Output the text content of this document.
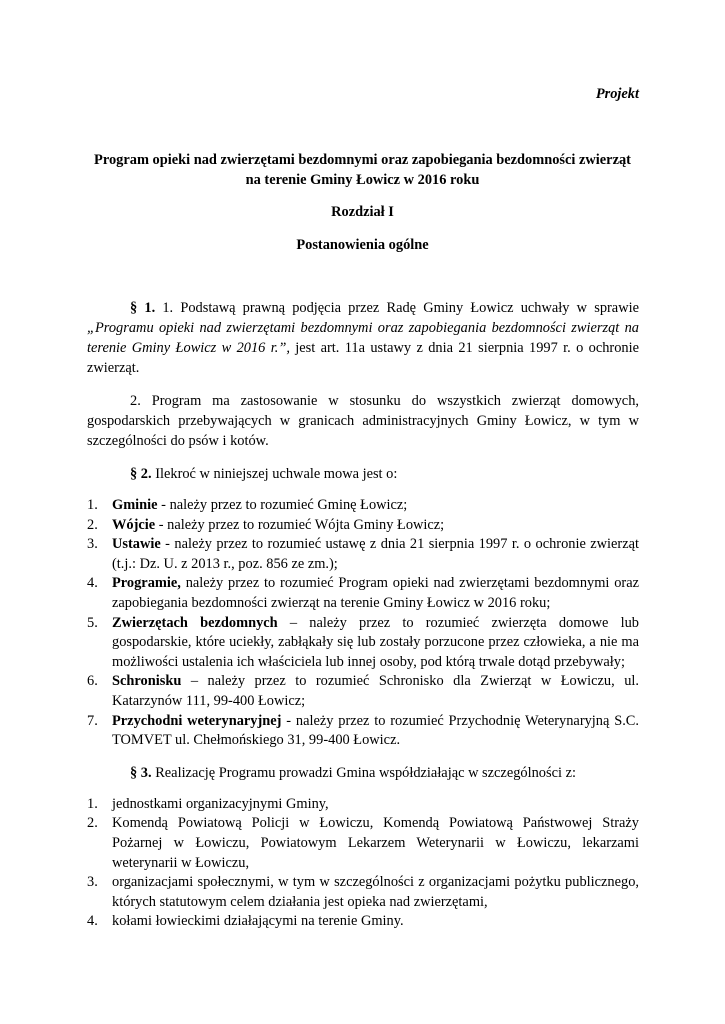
Projekt
Program opieki nad zwierzętami bezdomnymi oraz zapobiegania bezdomności zwierząt
na terenie Gminy Łowicz w 2016 roku
Rozdział I
Postanowienia ogólne

§ 1. 1. Podstawą prawną podjęcia przez Radę Gminy Łowicz uchwały w sprawie „Programu opieki nad zwierzętami bezdomnymi oraz zapobiegania bezdomności zwierząt na terenie Gminy Łowicz w 2016 r.”, jest art. 11a ustawy z dnia 21 sierpnia 1997 r. o ochronie zwierząt.

2. Program ma zastosowanie w stosunku do wszystkich zwierząt domowych, gospodarskich przebywających w granicach administracyjnych Gminy Łowicz, w tym w szczególności do psów i kotów.

§ 2. Ilekroć w niniejszej uchwale mowa jest o:

1. Gminie - należy przez to rozumieć Gminę Łowicz;
2. Wójcie - należy przez to rozumieć Wójta Gminy Łowicz;
3. Ustawie - należy przez to rozumieć ustawę z dnia 21 sierpnia 1997 r. o ochronie zwierząt (t.j.: Dz. U. z 2013 r., poz. 856 ze zm.);
4. Programie, należy przez to rozumieć Program opieki nad zwierzętami bezdomnymi oraz zapobiegania bezdomności zwierząt na terenie Gminy Łowicz w 2016 roku;
5. Zwierzętach bezdomnych – należy przez to rozumieć zwierzęta domowe lub gospodarskie, które uciekły, zabłąkały się lub zostały porzucone przez człowieka, a nie ma możliwości ustalenia ich właściciela lub innej osoby, pod którą trwale dotąd przebywały;
6. Schronisku – należy przez to rozumieć Schronisko dla Zwierząt w Łowiczu, ul. Katarzynów 111, 99-400 Łowicz;
7. Przychodni weterynaryjnej - należy przez to rozumieć Przychodnię Weterynaryjną S.C. TOMVET ul. Chełmońskiego 31, 99-400 Łowicz.

§ 3. Realizację Programu prowadzi Gmina współdziałając w szczególności z:

1. jednostkami organizacyjnymi Gminy,
2. Komendą Powiatową Policji w Łowiczu, Komendą Powiatową Państwowej Straży Pożarnej w Łowiczu, Powiatowym Lekarzem Weterynarii w Łowiczu, lekarzami weterynarii w Łowiczu,
3. organizacjami społecznymi, w tym w szczególności z organizacjami pożytku publicznego, których statutowym celem działania jest opieka nad zwierzętami,
4. kołami łowieckimi działającymi na terenie Gminy.
